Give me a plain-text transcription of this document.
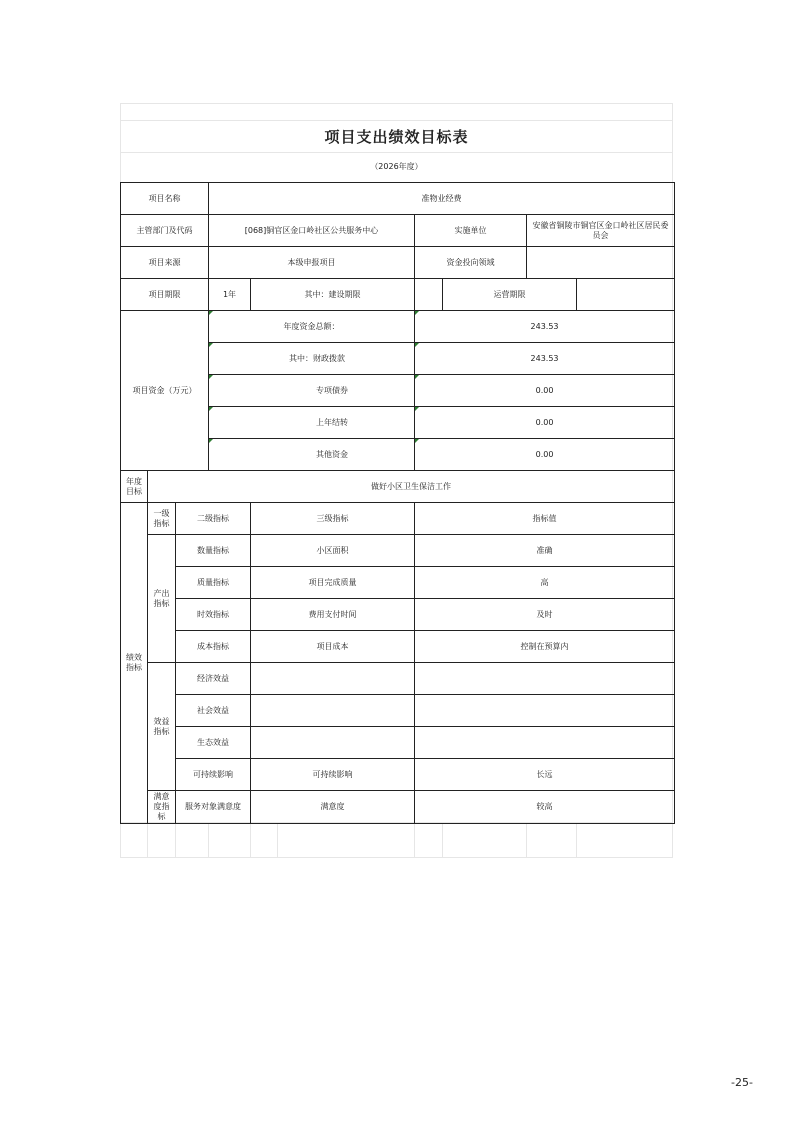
项目支出绩效目标表
（2026年度）
项目名称			准物业经费					
主管部门及代码			[068]铜官区金口岭社区公共服务中心		实施单位		安徽省铜陵市铜官区金口岭社区居民委员会	
项目来源			本级申报项目		资金投向领域			
项目期限			1年	其中：建设期限		运营期限		
项目资金（万元）			年度资金总额：		243.53			
			其中：财政拨款		243.53			
			专项债券		0.00			
			上年结转		0.00			
			其他资金		0.00			
年度目标	做好小区卫生保洁工作							
绩效指标	一级指标	二级指标		三级指标	指标值			
	产出指标	数量指标		小区面积	准确			
		质量指标		项目完成质量	高			
		时效指标		费用支付时间	及时			
		成本指标		项目成本	控制在预算内			
	效益指标	经济效益						
		社会效益						
		生态效益						
		可持续影响		可持续影响	长远			
	满意度指标	服务对象满意度		满意度	较高			
-25-
